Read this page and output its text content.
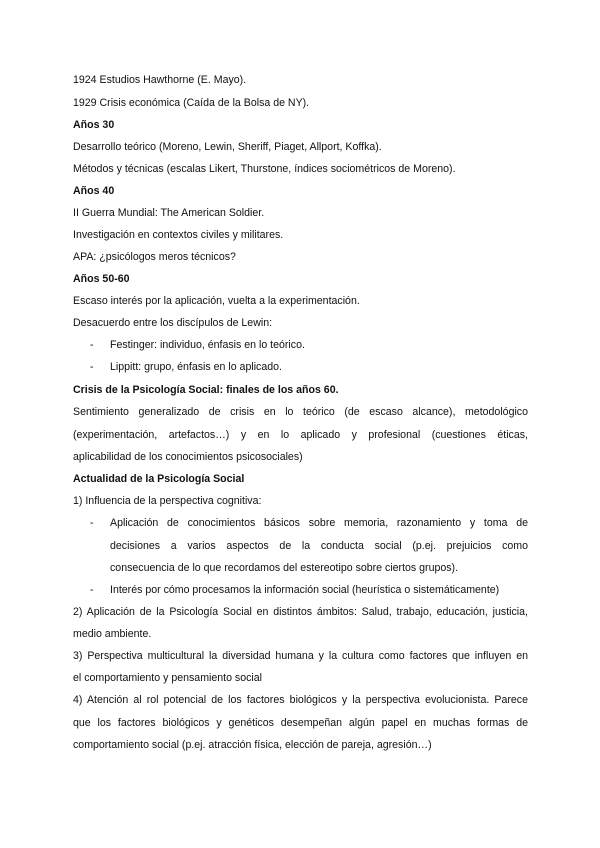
1924 Estudios Hawthorne (E. Mayo).
1929 Crisis económica (Caída de la Bolsa de NY).
Años 30
Desarrollo teórico (Moreno, Lewin, Sheriff, Piaget, Allport, Koffka).
Métodos y técnicas (escalas Likert, Thurstone, índices sociométricos de Moreno).
Años 40
II Guerra Mundial: The American Soldier.
Investigación en contextos civiles y militares.
APA: ¿psicólogos meros técnicos?
Años 50-60
Escaso interés por la aplicación, vuelta a la experimentación.
Desacuerdo entre los discípulos de Lewin:
- Festinger: individuo, énfasis en lo teórico.
- Lippitt: grupo, énfasis en lo aplicado.
Crisis de la Psicología Social: finales de los años 60.
Sentimiento generalizado de crisis en lo teórico (de escaso alcance), metodológico
(experimentación, artefactos…) y en lo aplicado y profesional (cuestiones éticas,
aplicabilidad de los conocimientos psicosociales)
Actualidad de la Psicología Social
1) Influencia de la perspectiva cognitiva:
- Aplicación de conocimientos básicos sobre memoria, razonamiento y toma de
decisiones a varios aspectos de la conducta social (p.ej. prejuicios como
consecuencia de lo que recordamos del estereotipo sobre ciertos grupos).
- Interés por cómo procesamos la información social (heurística o sistemáticamente)
2) Aplicación de la Psicología Social en distintos ámbitos: Salud, trabajo, educación, justicia,
medio ambiente.
3) Perspectiva multicultural la diversidad humana y la cultura como factores que influyen en
el comportamiento y pensamiento social
4) Atención al rol potencial de los factores biológicos y la perspectiva evolucionista. Parece
que los factores biológicos y genéticos desempeñan algún papel en muchas formas de
comportamiento social (p.ej. atracción física, elección de pareja, agresión…)
